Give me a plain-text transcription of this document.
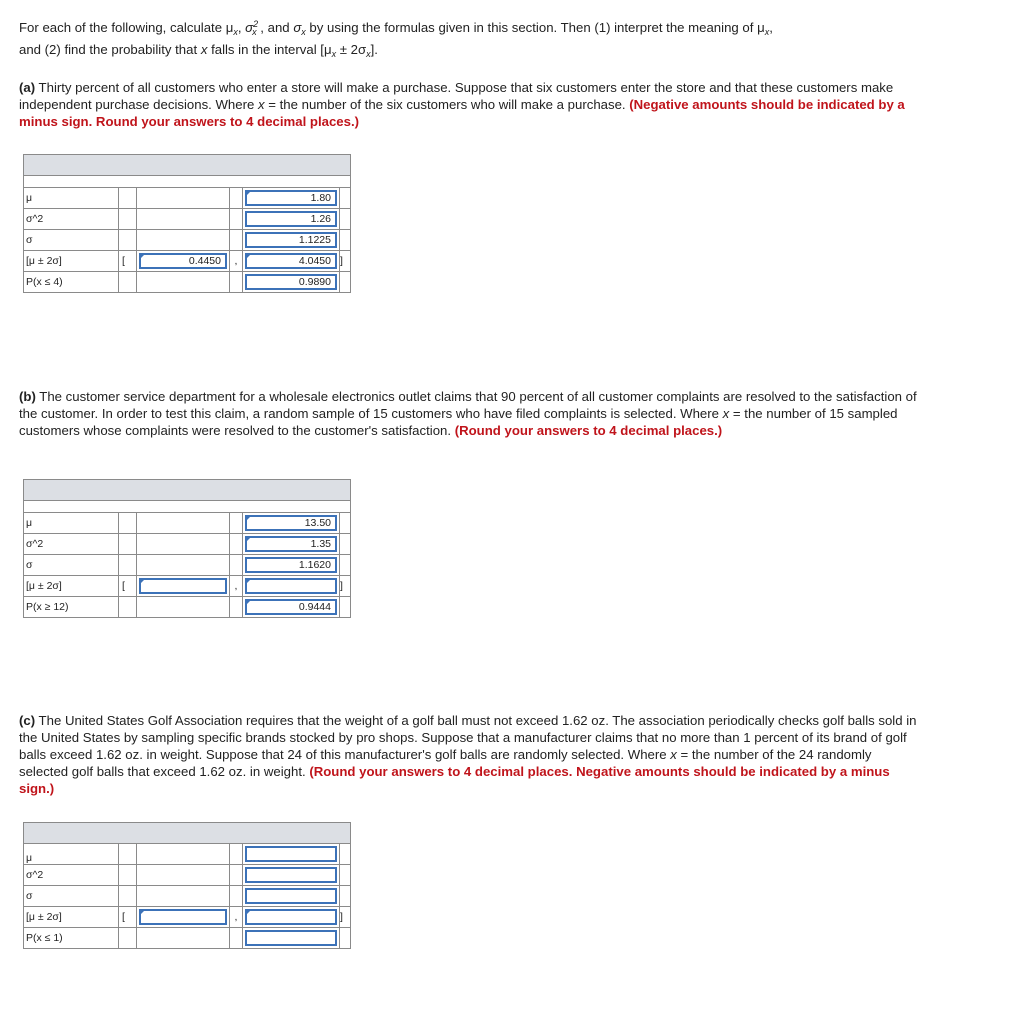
For each of the following, calculate $\mu_x$, $\sigma^2_x$ , and $\sigma_x$ by using the formulas given in this section. Then (1) interpret the meaning of $\mu_x$,
and (2) find the probability that x falls in the interval $[\mu_x \pm 2\sigma_x]$.

(a) Thirty percent of all customers who enter a store will make a purchase. Suppose that six customers enter the store and that these customers make independent purchase decisions. Where x = the number of the six customers who will make a purchase. (Negative amounts should be indicated by a minus sign. Round your answers to 4 decimal places.)

μ				1.80	

σ^2				1.26	

σ				1.1225	

[μ ± 2σ]	[	0.4450	,	4.0450	]
P(x ≤ 4)				0.9890	

(b) The customer service department for a wholesale electronics outlet claims that 90 percent of all customer complaints are resolved to the satisfaction of the customer. In order to test this claim, a random sample of 15 customers who have filed complaints is selected. Where x = the number of 15 sampled customers whose complaints were resolved to the customer's satisfaction. (Round your answers to 4 decimal places.)

μ				13.50	

σ^2				1.35	

σ				1.1620	

[μ ± 2σ]	[		,		]
P(x ≥ 12)				0.9444	

(c) The United States Golf Association requires that the weight of a golf ball must not exceed 1.62 oz. The association periodically checks golf balls sold in the United States by sampling specific brands stocked by pro shops. Suppose that a manufacturer claims that no more than 1 percent of its brand of golf balls exceed 1.62 oz. in weight. Suppose that 24 of this manufacturer's golf balls are randomly selected. Where x = the number of the 24 randomly selected golf balls that exceed 1.62 oz. in weight. (Round your answers to 4 decimal places. Negative amounts should be indicated by a minus sign.)

μ				

σ^2				

σ				

[μ ± 2σ]	[		,		]
P(x ≤ 1)				
